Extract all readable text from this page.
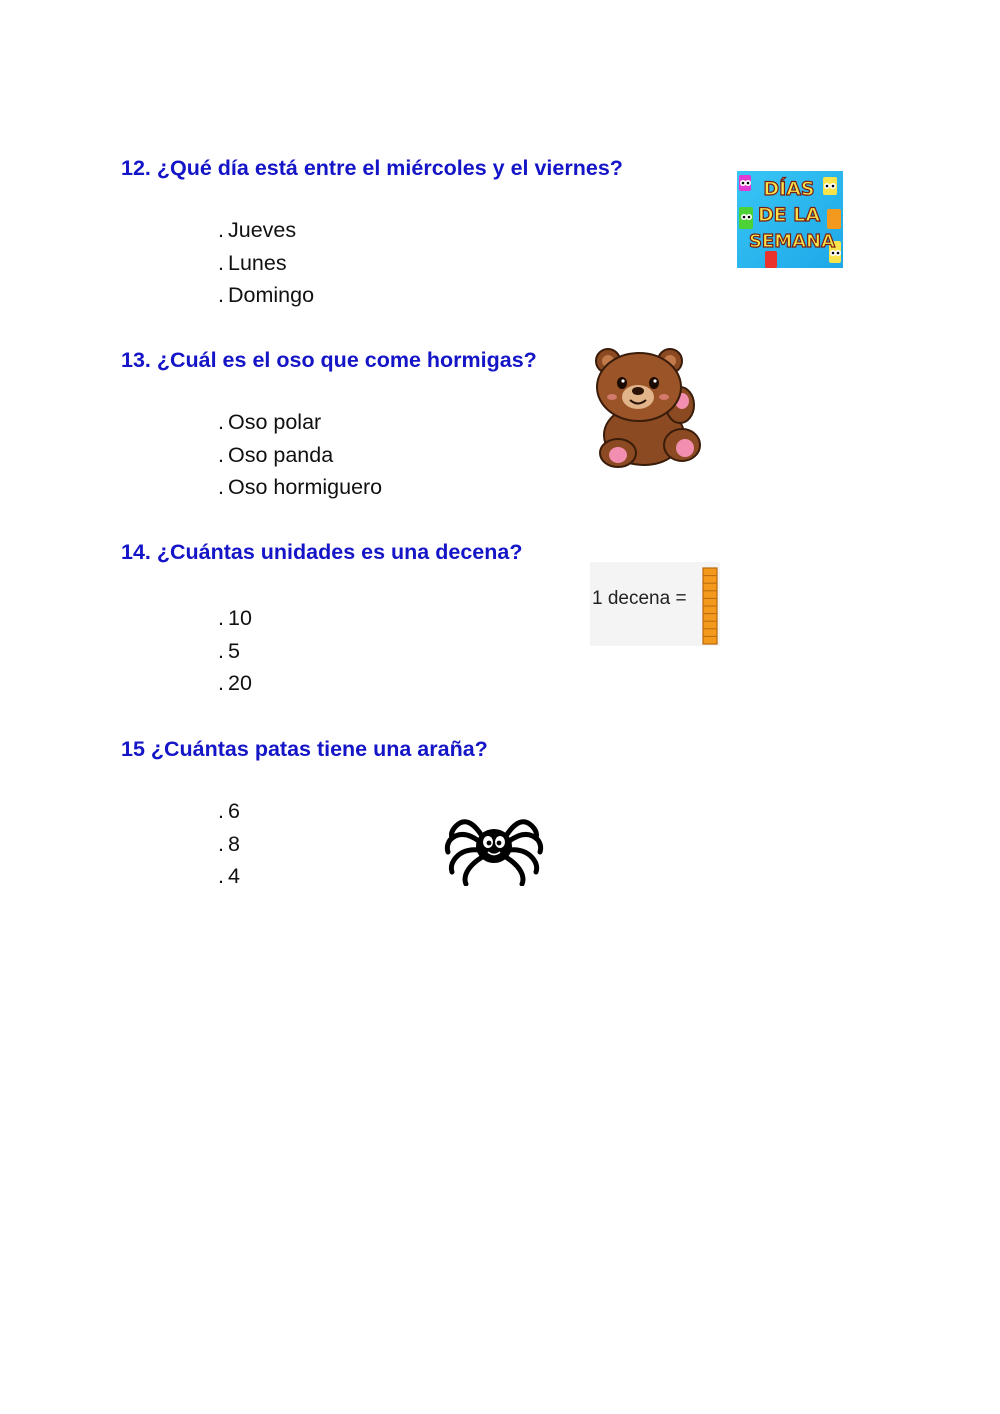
12. ¿Qué día está entre el miércoles y el viernes?
. Jueves
. Lunes
. Domingo
DÍAS
DE LA
SEMANA
13. ¿Cuál es el oso que come hormigas?
. Oso polar
. Oso panda
. Oso hormiguero
14. ¿Cuántas unidades es una decena?
. 10
. 5
. 20
1 decena =
15 ¿Cuántas patas tiene una araña?
. 6
. 8
. 4
